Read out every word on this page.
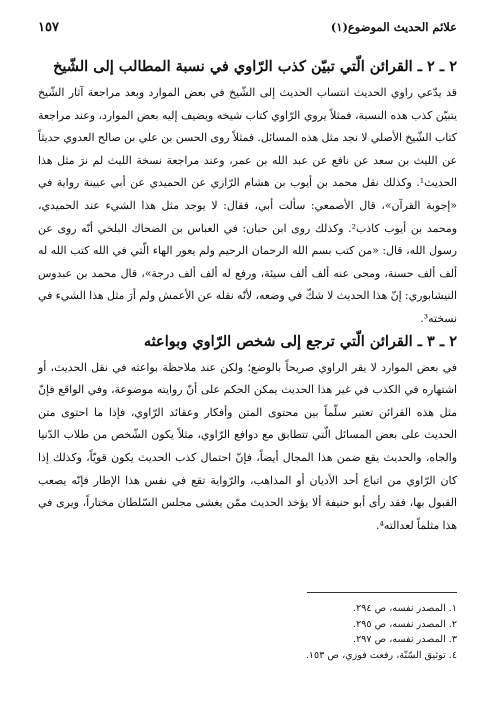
علائم الحديث الموضوع(١)
١٥٧
٢ ـ ٢ ـ القرائن الّتي تبيّن كذب الرّاوي في نسبة المطالب إلى الشّيخ

قد يدّعي راوي الحديث انتساب الحديث إلى الشّيخ في بعض الموارد وبعد مراجعة آثار الشّيخ يتبيّن كذب هذه النسبة، فمثلاً يروي الرّاوي كتاب شيخه ويضيف إليه بعض الموارد، وعند مراجعة كتاب الشّيخ الأصلي لا نجد مثل هذه المسائل. فمثلاً روى الحسن بن علي بن صالح العدوي حديثاً عن الليث بن سعد عن نافع عن عبد الله بن عمر، وعند مراجعة نسخة الليث لم نرَ مثل هذا الحديث¹. وكذلك نقل محمد بن أيوب بن هشام الرّازي عن الحميدي عن أبي عيينة رواية في «إجوبة القرآن»، قال الأصمعي: سألت أبي، فقال: لا يوجد مثل هذا الشيء عند الحميدي، ومحمد بن أيوب كاذب². وكذلك روى ابن حبان: في العباس بن الضحاك البلخي أنّه روى عن رسول الله، قال: «من كتب بسم الله الرحمان الرحيم ولم يعور الهاء الّتي في الله كتب الله له ألف ألف حسنة، ومحى عنه ألف ألف سيئة، ورفع له ألف ألف درجة»، قال محمد بن عبدوس النيشابوري: إنّ هذا الحديث لا شكّ في وضعه، لأنّه نقله عن الأعمش ولم أرَ مثل هذا الشيء في نسخته³.

٢ ـ ٣ ـ القرائن الّتي ترجع إلى شخص الرّاوي وبواعثه

في بعض الموارد لا يقر الراوي صريحاً بالوضع؛ ولكن عند ملاحظة بواعثه في نقل الحديث، أو اشتهاره في الكذب في غير هذا الحديث يمكن الحكم على أنّ روايته موضوعة، وفي الواقع فإنّ مثل هذه القرائن تعتبر سلّماً بين محتوى المتن وأفكار وعقائد الرّاوي، فإذا ما احتوى متن الحديث على بعض المسائل الّتي تتطابق مع دوافع الرّاوي، مثلاً يكون الشّخص من طلاب الدّنيا والجاه، والحديث يقع ضمن هذا المجال أيضاً، فإنّ احتمال كذب الحديث يكون قويّاً، وكذلك إذا كان الرّاوي من اتباع أحد الأديان أو المذاهب، والرّواية تقع في نفس هذا الإطار فإنّه يصعب القبول بها، فقد رأى أبو حنيفة ألا يؤخذ الحديث ممّن يغشى مجلس السّلطان مختاراً، ويرى في هذا مثلماً لعدالته⁴.

١. المصدر نفسه، ص ٢٩٤.

٢. المصدر نفسه، ص ٢٩٥.

٣. المصدر نفسه، ص ٢٩٧.

٤. توثيق السّنّة، رفعت فوزي، ص ١٥٣.
